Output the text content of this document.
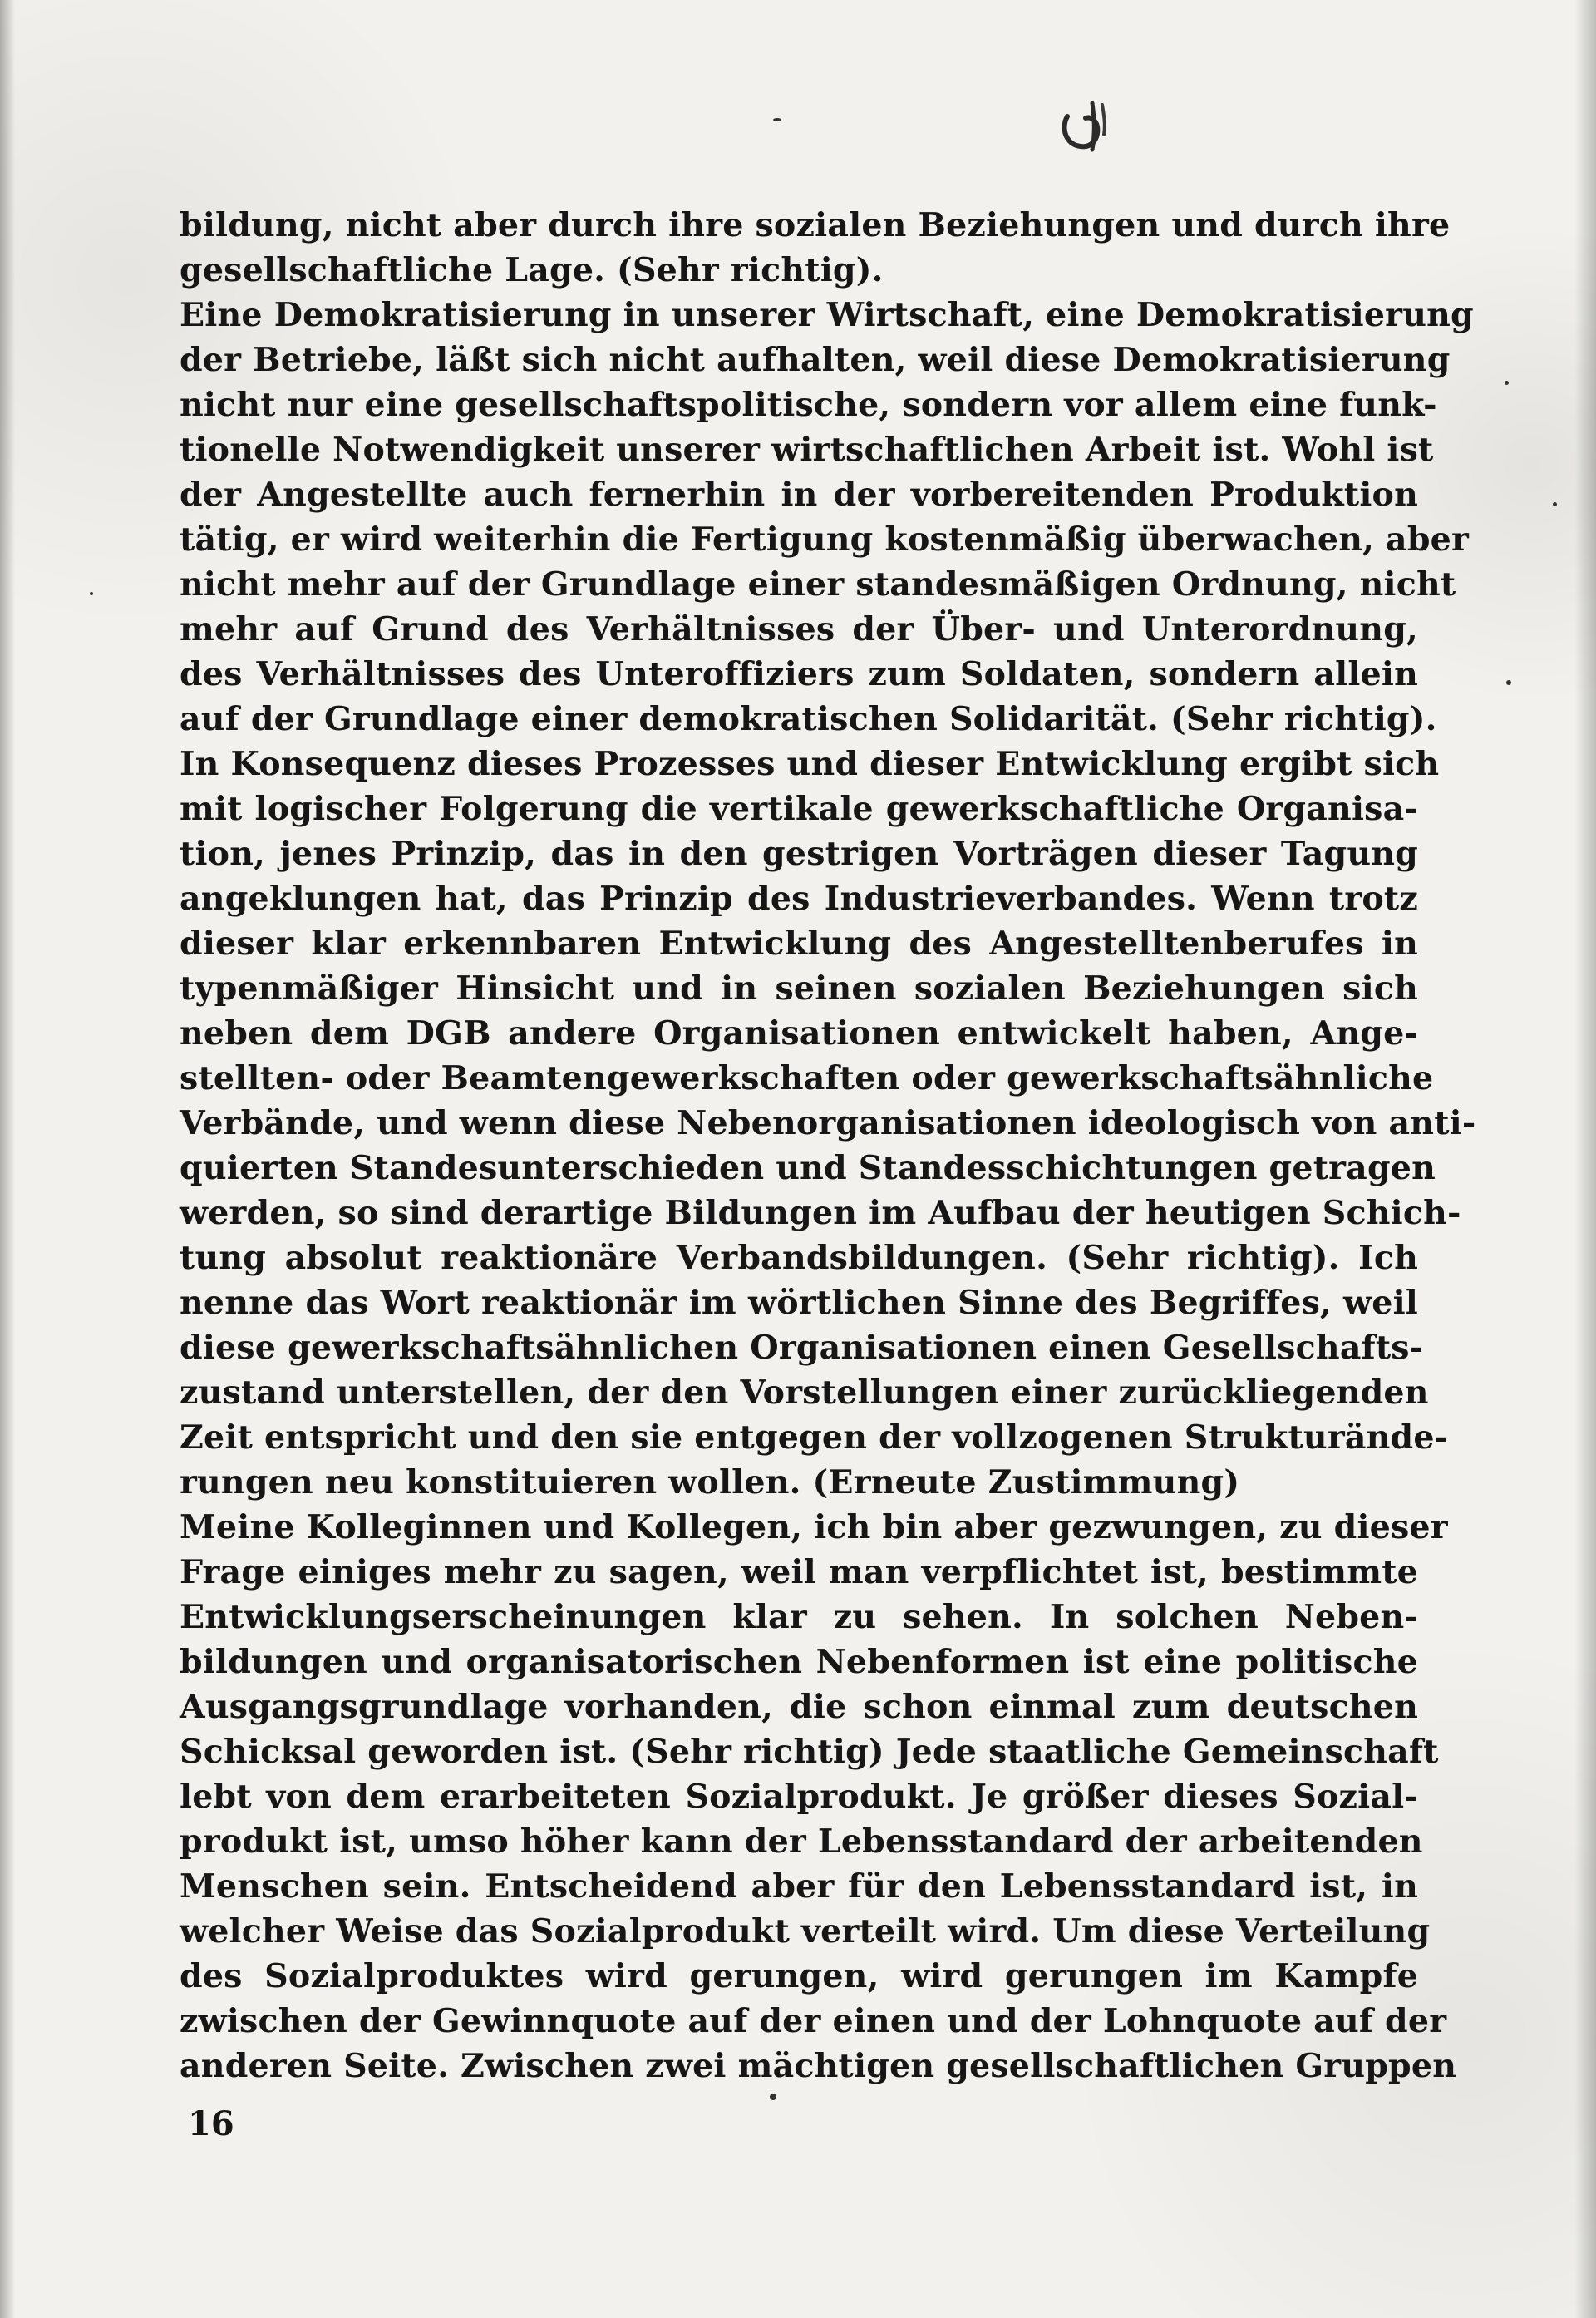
bildung, nicht aber durch ihre sozialen Beziehungen und durch ihre
gesellschaftliche Lage. (Sehr richtig).
Eine Demokratisierung in unserer Wirtschaft, eine Demokratisierung
der Betriebe, läßt sich nicht aufhalten, weil diese Demokratisierung
nicht nur eine gesellschaftspolitische, sondern vor allem eine funk-
tionelle Notwendigkeit unserer wirtschaftlichen Arbeit ist. Wohl ist
der Angestellte auch fernerhin in der vorbereitenden Produktion
tätig, er wird weiterhin die Fertigung kostenmäßig überwachen, aber
nicht mehr auf der Grundlage einer standesmäßigen Ordnung, nicht
mehr auf Grund des Verhältnisses der Über- und Unterordnung,
des Verhältnisses des Unteroffiziers zum Soldaten, sondern allein
auf der Grundlage einer demokratischen Solidarität. (Sehr richtig).
In Konsequenz dieses Prozesses und dieser Entwicklung ergibt sich
mit logischer Folgerung die vertikale gewerkschaftliche Organisa-
tion, jenes Prinzip, das in den gestrigen Vorträgen dieser Tagung
angeklungen hat, das Prinzip des Industrieverbandes. Wenn trotz
dieser klar erkennbaren Entwicklung des Angestelltenberufes in
typenmäßiger Hinsicht und in seinen sozialen Beziehungen sich
neben dem DGB andere Organisationen entwickelt haben, Ange-
stellten- oder Beamtengewerkschaften oder gewerkschaftsähnliche
Verbände, und wenn diese Nebenorganisationen ideologisch von anti-
quierten Standesunterschieden und Standesschichtungen getragen
werden, so sind derartige Bildungen im Aufbau der heutigen Schich-
tung absolut reaktionäre Verbandsbildungen. (Sehr richtig). Ich
nenne das Wort reaktionär im wörtlichen Sinne des Begriffes, weil
diese gewerkschaftsähnlichen Organisationen einen Gesellschafts-
zustand unterstellen, der den Vorstellungen einer zurückliegenden
Zeit entspricht und den sie entgegen der vollzogenen Strukturände-
rungen neu konstituieren wollen. (Erneute Zustimmung)
Meine Kolleginnen und Kollegen, ich bin aber gezwungen, zu dieser
Frage einiges mehr zu sagen, weil man verpflichtet ist, bestimmte
Entwicklungserscheinungen klar zu sehen. In solchen Neben-
bildungen und organisatorischen Nebenformen ist eine politische
Ausgangsgrundlage vorhanden, die schon einmal zum deutschen
Schicksal geworden ist. (Sehr richtig) Jede staatliche Gemeinschaft
lebt von dem erarbeiteten Sozialprodukt. Je größer dieses Sozial-
produkt ist, umso höher kann der Lebensstandard der arbeitenden
Menschen sein. Entscheidend aber für den Lebensstandard ist, in
welcher Weise das Sozialprodukt verteilt wird. Um diese Verteilung
des Sozialproduktes wird gerungen, wird gerungen im Kampfe
zwischen der Gewinnquote auf der einen und der Lohnquote auf der
anderen Seite. Zwischen zwei mächtigen gesellschaftlichen Gruppen
16
